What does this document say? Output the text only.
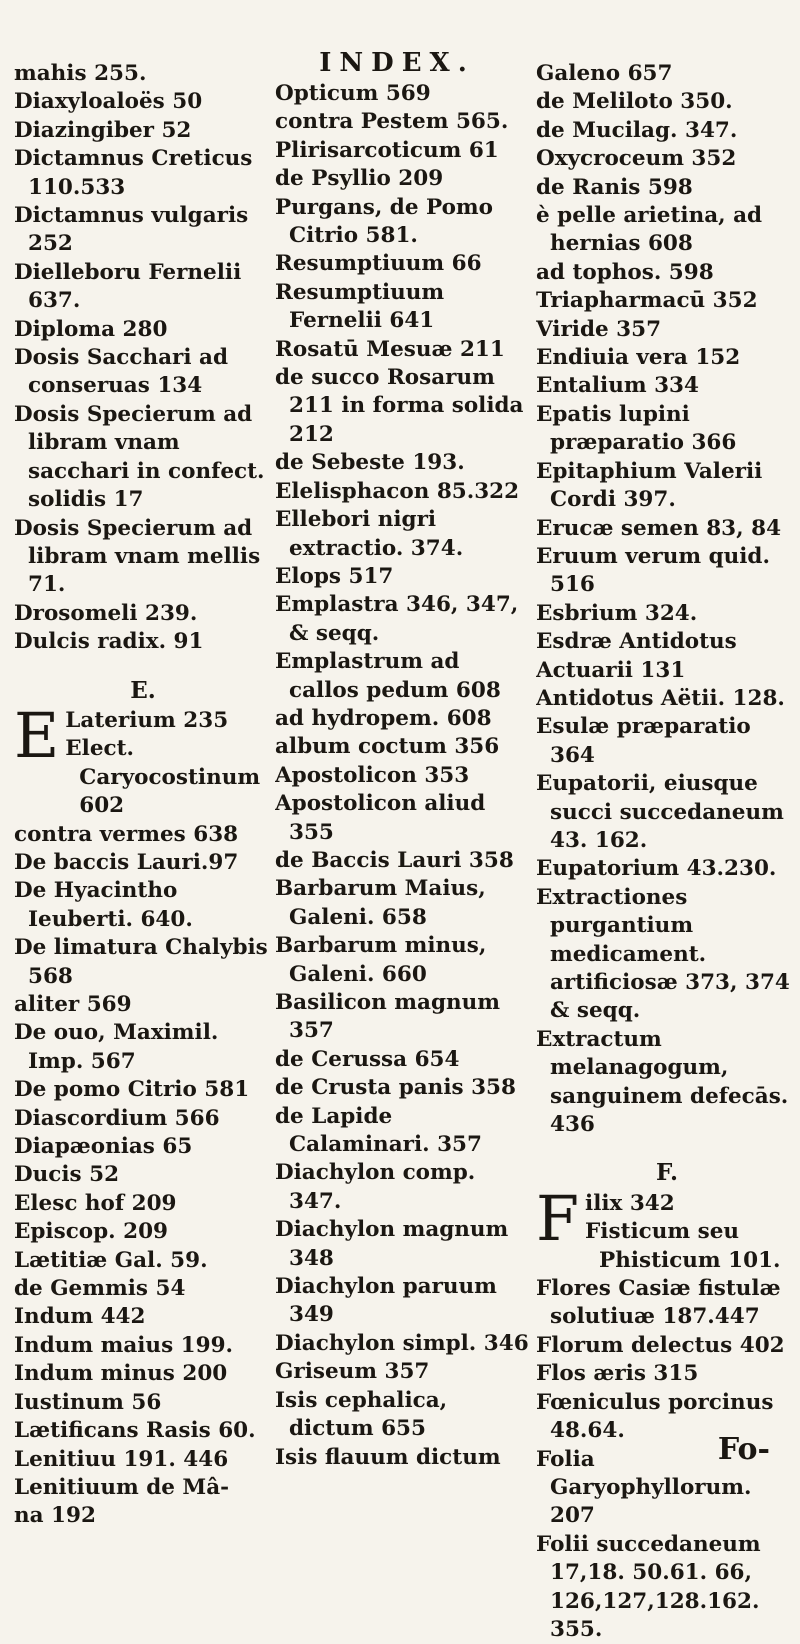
INDEX.
mahis 255.
Diaxyloaloës 50
Diazingiber 52
Dictamnus Creticus 110.533
Dictamnus vulgaris 252
Dielleboru Fernelii 637.
Diploma 280
Dosis Sacchari ad conseruas 134
Dosis Specierum ad libram vnam sacchari in confect. solidis 17
Dosis Specierum ad libram vnam mellis 71.
Drosomeli 239.
Dulcis radix. 91
E.
E Laterium 235
Elect. Caryocostinum 602
contra vermes 638
De baccis Lauri.97
De Hyacintho Ieuberti. 640.
De limatura Chalybis 568
aliter 569
De ouo, Maximil. Imp. 567
De pomo Citrio 581
Diascordium 566
Diapæonias 65
Ducis 52
Elesc hof 209
Episcop. 209
Lætitiæ Gal. 59.
de Gemmis 54
Indum 442
Indum maius 199.
Indum minus 200
Iustinum 56
Lætificans Rasis 60.
Lenitiuu 191. 446
Lenitiuum de Mâ-
na 192
Opticum 569
contra Pestem 565.
Plirisarcoticum 61
de Psyllio 209
Purgans, de Pomo Citrio 581.
Resumptiuum 66
Resumptiuum Fernelii 641
Rosatū Mesuæ 211
de succo Rosarum 211 in forma solida 212
de Sebeste 193.
Elelisphacon 85.322
Ellebori nigri extractio. 374.
Elops 517
Emplastra 346, 347, & seqq.
Emplastrum ad callos pedum 608
ad hydropem. 608
album coctum 356
Apostolicon 353
Apostolicon aliud 355
de Baccis Lauri 358
Barbarum Maius, Galeni. 658
Barbarum minus, Galeni. 660
Basilicon magnum 357
de Cerussa 654
de Crusta panis 358
de Lapide Calaminari. 357
Diachylon comp. 347.
Diachylon magnum 348
Diachylon paruum 349
Diachylon simpl. 346
Griseum 357
Isis cephalica, dictum 655
Isis flauum dictum
Galeno 657
de Meliloto 350.
de Mucilag. 347.
Oxycroceum 352
de Ranis 598
è pelle arietina, ad hernias 608
ad tophos. 598
Triapharmacū 352
Viride 357
Endiuia vera 152
Entalium 334
Epatis lupini præparatio 366
Epitaphium Valerii Cordi 397.
Erucæ semen 83, 84
Eruum verum quid. 516
Esbrium 324.
Esdræ Antidotus
Actuarii 131
Antidotus Aëtii. 128.
Esulæ præparatio 364
Eupatorii, eiusque succi succedaneum 43. 162.
Eupatorium 43.230.
Extractiones purgantium medicament. artificiosæ 373, 374 & seqq.
Extractum melanagogum, sanguinem defecās. 436
F.
F ilix 342
Fisticum seu Phisticum 101.
Flores Casiæ fistulæ solutiuæ 187.447
Florum delectus 402
Flos æris 315
Fœniculus porcinus 48.64.
Folia Garyophyllorum. 207
Folii succedaneum 17,18. 50.61. 66, 126,127,128.162. 355.
Fo-
